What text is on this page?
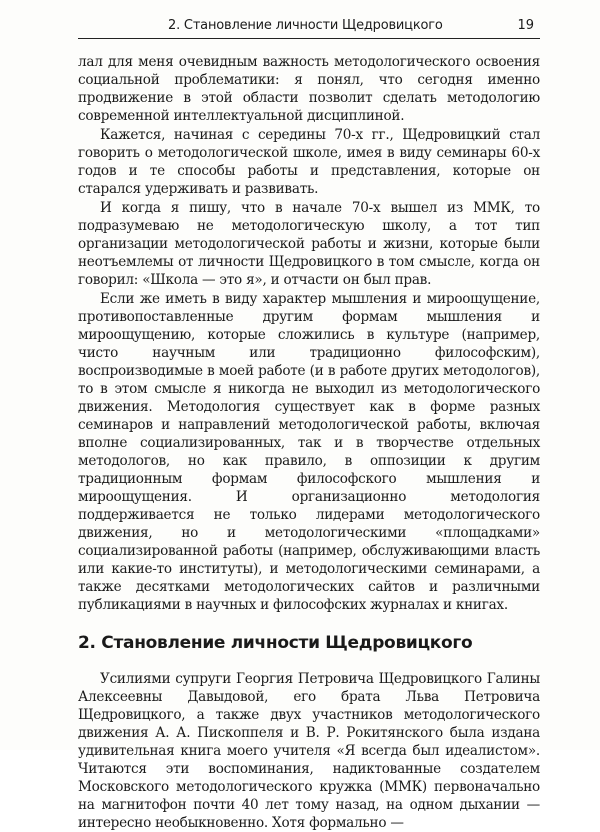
2. Становление личности Щедровицкого	19

лал для меня очевидным важность методологического освоения социальной проблематики: я понял, что сегодня именно продвижение в этой области позволит сделать методологию современной интеллектуальной дисциплиной.

Кажется, начиная с середины 70-х гг., Щедровицкий стал говорить о методологической школе, имея в виду семинары 60-х годов и те способы работы и представления, которые он старался удерживать и развивать.

И когда я пишу, что в начале 70-х вышел из ММК, то подразумеваю не методологическую школу, а тот тип организации методологической работы и жизни, которые были неотъемлемы от личности Щедровицкого в том смысле, когда он говорил: «Школа — это я», и отчасти он был прав.

Если же иметь в виду характер мышления и мироощущение, противопоставленные другим формам мышления и мироощущению, которые сложились в культуре (например, чисто научным или традиционно философским), воспроизводимые в моей работе (и в работе других методологов), то в этом смысле я никогда не выходил из методологического движения. Методология существует как в форме разных семинаров и направлений методологической работы, включая вполне социализированных, так и в творчестве отдельных методологов, но как правило, в оппозиции к другим традиционным формам философского мышления и мироощущения. И организационно методология поддерживается не только лидерами методологического движения, но и методологическими «площадками» социализированной работы (например, обслуживающими власть или какие-то институты), и методологическими семинарами, а также десятками методологических сайтов и различными публикациями в научных и философских журналах и книгах.

2. Становление личности Щедровицкого

Усилиями супруги Георгия Петровича Щедровицкого Галины Алексеевны Давыдовой, его брата Льва Петровича Щедровицкого, а также двух участников методологического движения А. А. Пископпеля и В. Р. Рокитянского была издана удивительная книга моего учителя «Я всегда был идеалистом». Читаются эти воспоминания, надиктованные создателем Московского методологического кружка (ММК) первоначально на магнитофон почти 40 лет тому назад, на одном дыхании — интересно необыкновенно. Хотя формально —
